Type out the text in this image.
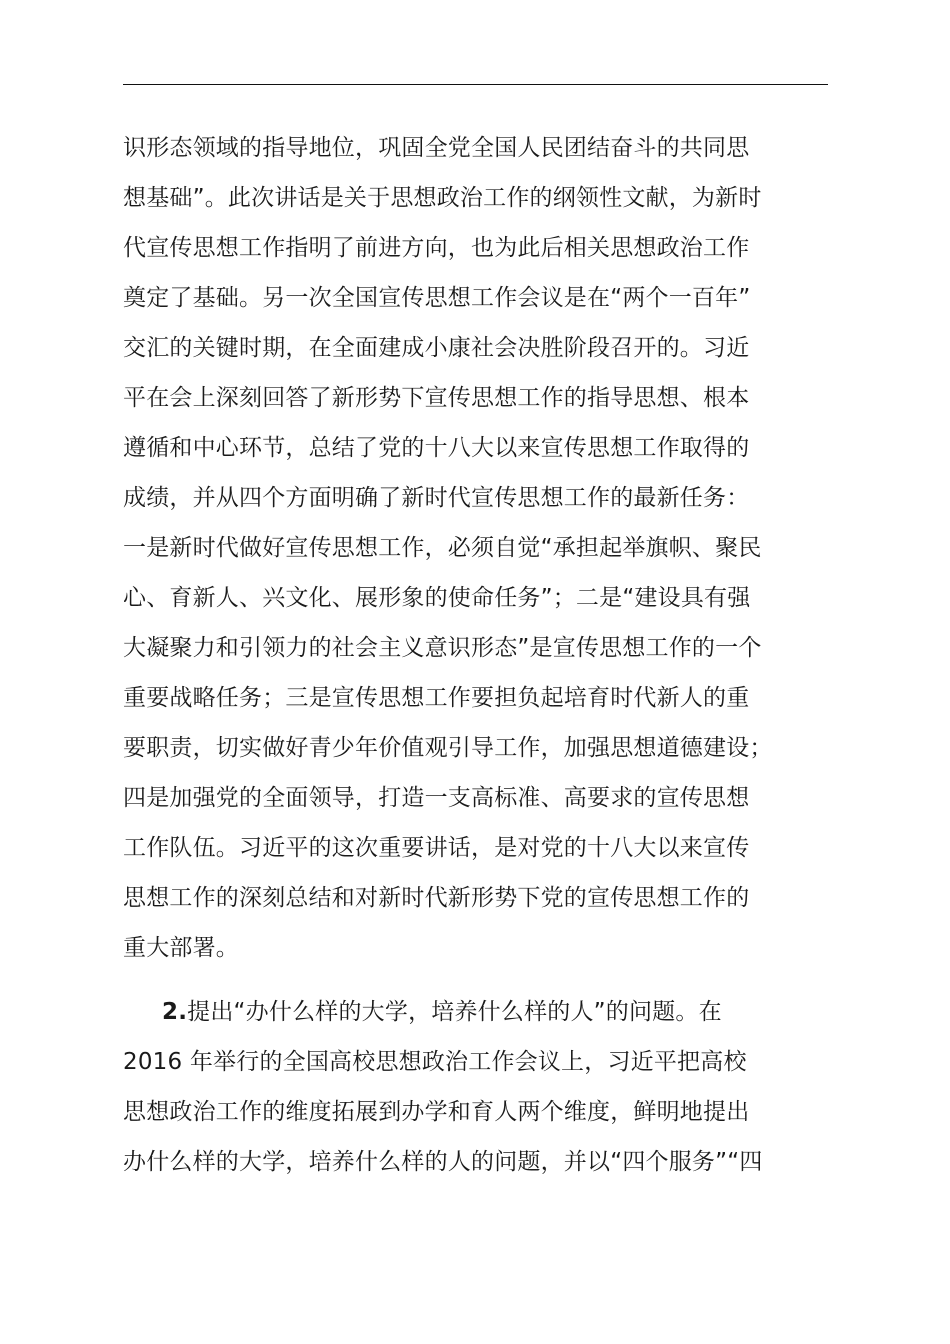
识形态领域的指导地位，巩固全党全国人民团结奋斗的共同思
想基础”。此次讲话是关于思想政治工作的纲领性文献，为新时
代宣传思想工作指明了前进方向，也为此后相关思想政治工作
奠定了基础。另一次全国宣传思想工作会议是在“两个一百年”
交汇的关键时期，在全面建成小康社会决胜阶段召开的。习近
平在会上深刻回答了新形势下宣传思想工作的指导思想、根本
遵循和中心环节，总结了党的十八大以来宣传思想工作取得的
成绩，并从四个方面明确了新时代宣传思想工作的最新任务：
一是新时代做好宣传思想工作，必须自觉“承担起举旗帜、聚民
心、育新人、兴文化、展形象的使命任务”；二是“建设具有强
大凝聚力和引领力的社会主义意识形态”是宣传思想工作的一个
重要战略任务；三是宣传思想工作要担负起培育时代新人的重
要职责，切实做好青少年价值观引导工作，加强思想道德建设；
四是加强党的全面领导，打造一支高标准、高要求的宣传思想
工作队伍。习近平的这次重要讲话，是对党的十八大以来宣传
思想工作的深刻总结和对新时代新形势下党的宣传思想工作的
重大部署。
2.提出“办什么样的大学，培养什么样的人”的问题。在
2016 年举行的全国高校思想政治工作会议上，习近平把高校
思想政治工作的维度拓展到办学和育人两个维度，鲜明地提出
办什么样的大学，培养什么样的人的问题，并以“四个服务”“四
